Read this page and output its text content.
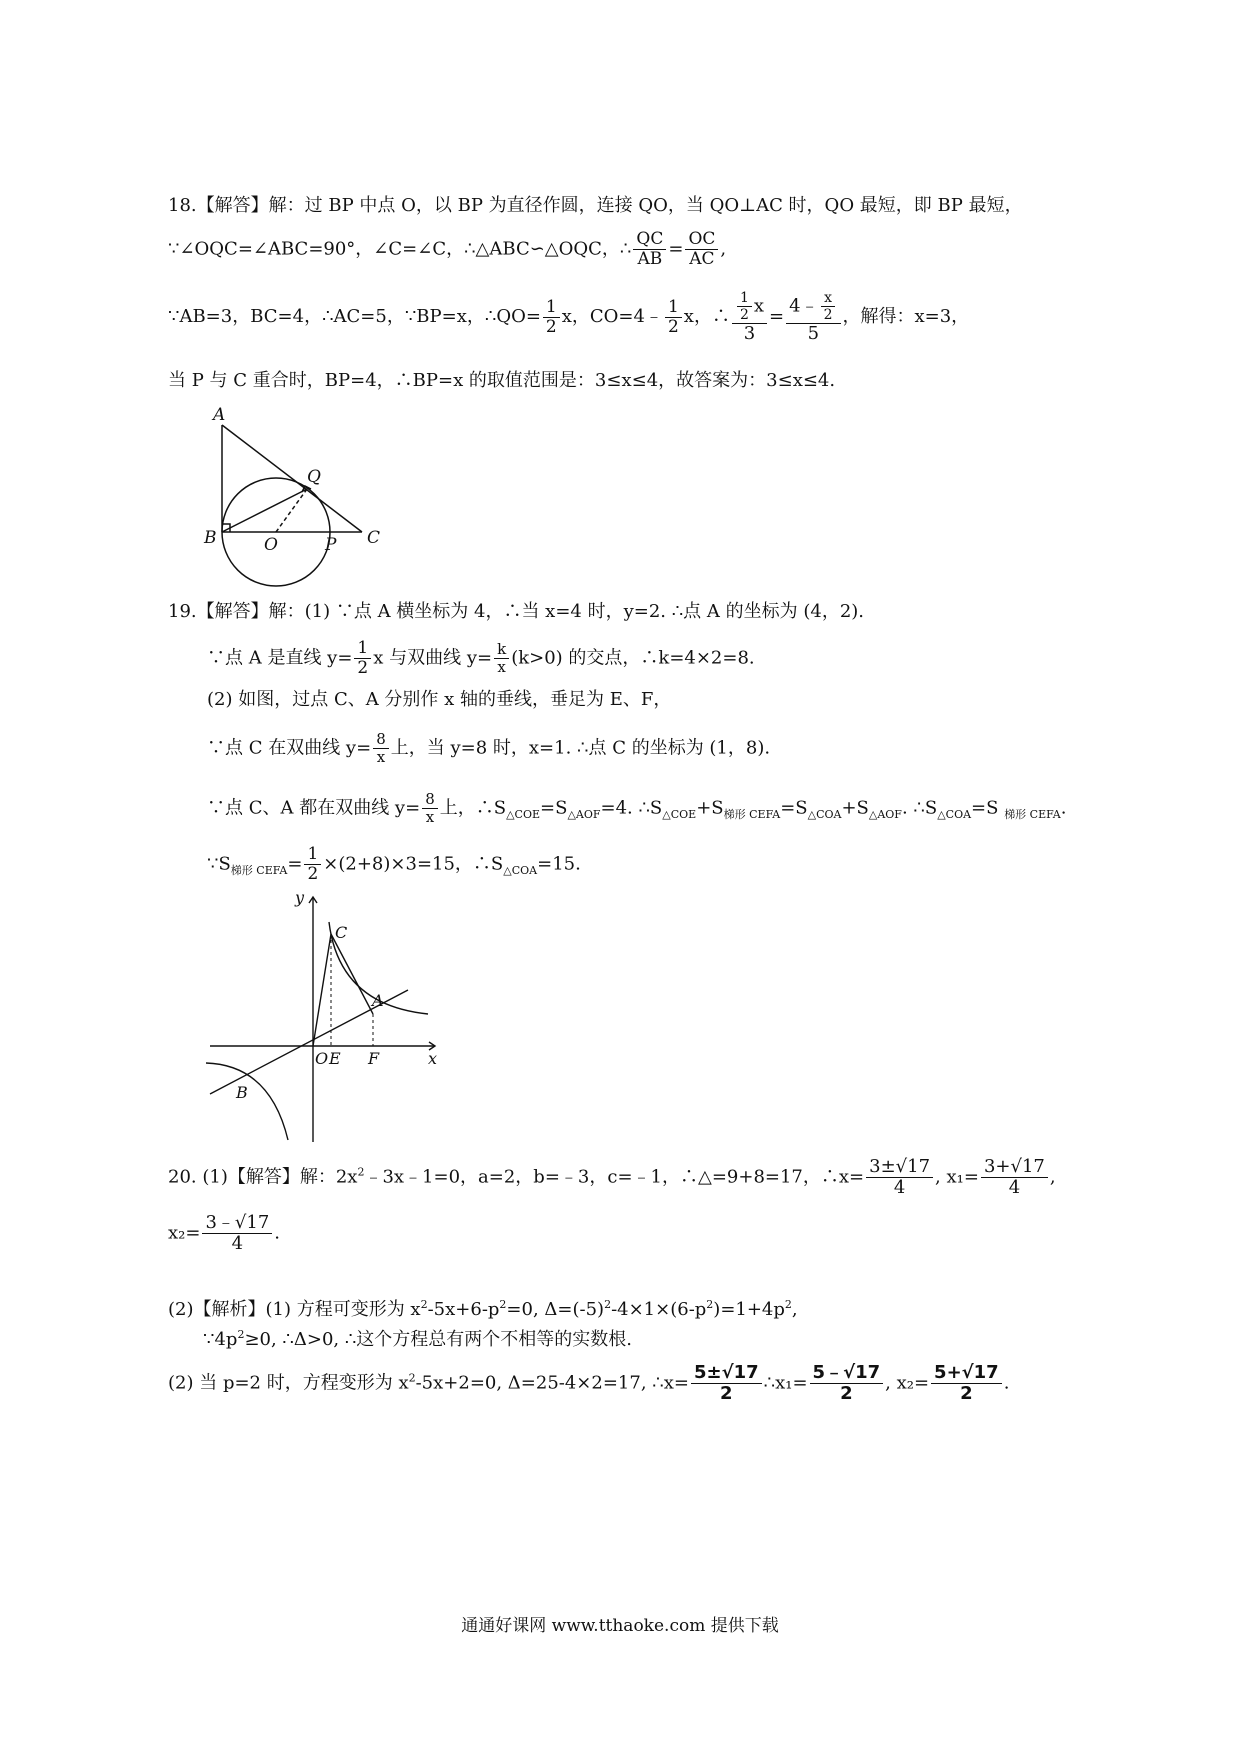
18.【解答】解：过 BP 中点 O，以 BP 为直径作圆，连接 QO，当 QO⊥AC 时，QO 最短，即 BP 最短，
∵∠OQC=∠ABC=90°，∠C=∠C，∴△ABC∽△OQC，∴ $\frac{QC}{AB} = \frac{OC}{AC}$ ,
∵AB=3，BC=4，∴AC=5，∵BP=x，∴QO= $\frac{1}{2}$ x，CO=4﹣ $\frac{1}{2}$ x，∴ $\frac{\frac{1}{2} x}{3} = \frac{4﹣ \frac{x}{2}}{5}$ ，解得：x=3，
当 P 与 C 重合时，BP=4，∴BP=x 的取值范围是：3≤x≤4，故答案为：3≤x≤4.
A
B	C
O	P
Q
19.【解答】解：(1) ∵点 A 横坐标为 4，∴当 x=4 时，y=2. ∴点 A 的坐标为 (4，2).
∵点 A 是直线 $y= \frac{1}{2}$ x 与双曲线 $y= \frac{k}{x} (k>0)$ 的交点，∴k=4×2=8.
(2) 如图，过点 C、A 分别作 x 轴的垂线，垂足为 E、F，
∵点 C 在双曲线 $y= \frac{8}{x}$ 上，当 y=8 时，x=1. ∴点 C 的坐标为 (1，8).
∵点 C、A 都在双曲线 $y= \frac{8}{x}$ 上，$\therefore S_{\triangle COE}=S_{\triangle AOF}=4$. $\therefore S_{\triangle COE}+S_{梯形 CEFA}=S_{\triangle COA}+S_{\triangle AOF}$. $\therefore S_{\triangle COA}=S$ $_{梯形 CEFA}$.
$\because S_{梯形 CEFA}= \frac{1}{2} \times(2+8)\times 3=15$，$\therefore S_{\triangle COA}=15$.
y
x
C
A
O E F
B
20. (1)【解答】解：$2x^2﹣3x﹣1=0$，a=2，b=﹣3，c=﹣1，∴△=9+8=17，∴x= $\frac{3\pm√17}{4}$ , $x_1= \frac{3+√17}{4}$ ,
$x_2= \frac{3﹣√17}{4}$ .
(2)【解析】(1) 方程可变形为 $x^2-5x+6-p^2=0$, $\Delta=(-5)^2-4\times 1\times(6-p^2)=1+4p^2$,
$\because 4p^2\ge 0$, ∴Δ>0, ∴这个方程总有两个不相等的实数根.
(2) 当 p=2 时，方程变形为 $x^2-5x+2=0$, Δ=25-4×2=17, ∴x= $\frac{5\pm√17}{2}$ ∴x₁= $\frac{5﹣√17}{2}$ , $x_2= \frac{5+√17}{2}$ .
通通好课网 www.tthaoke.com 提供下载
